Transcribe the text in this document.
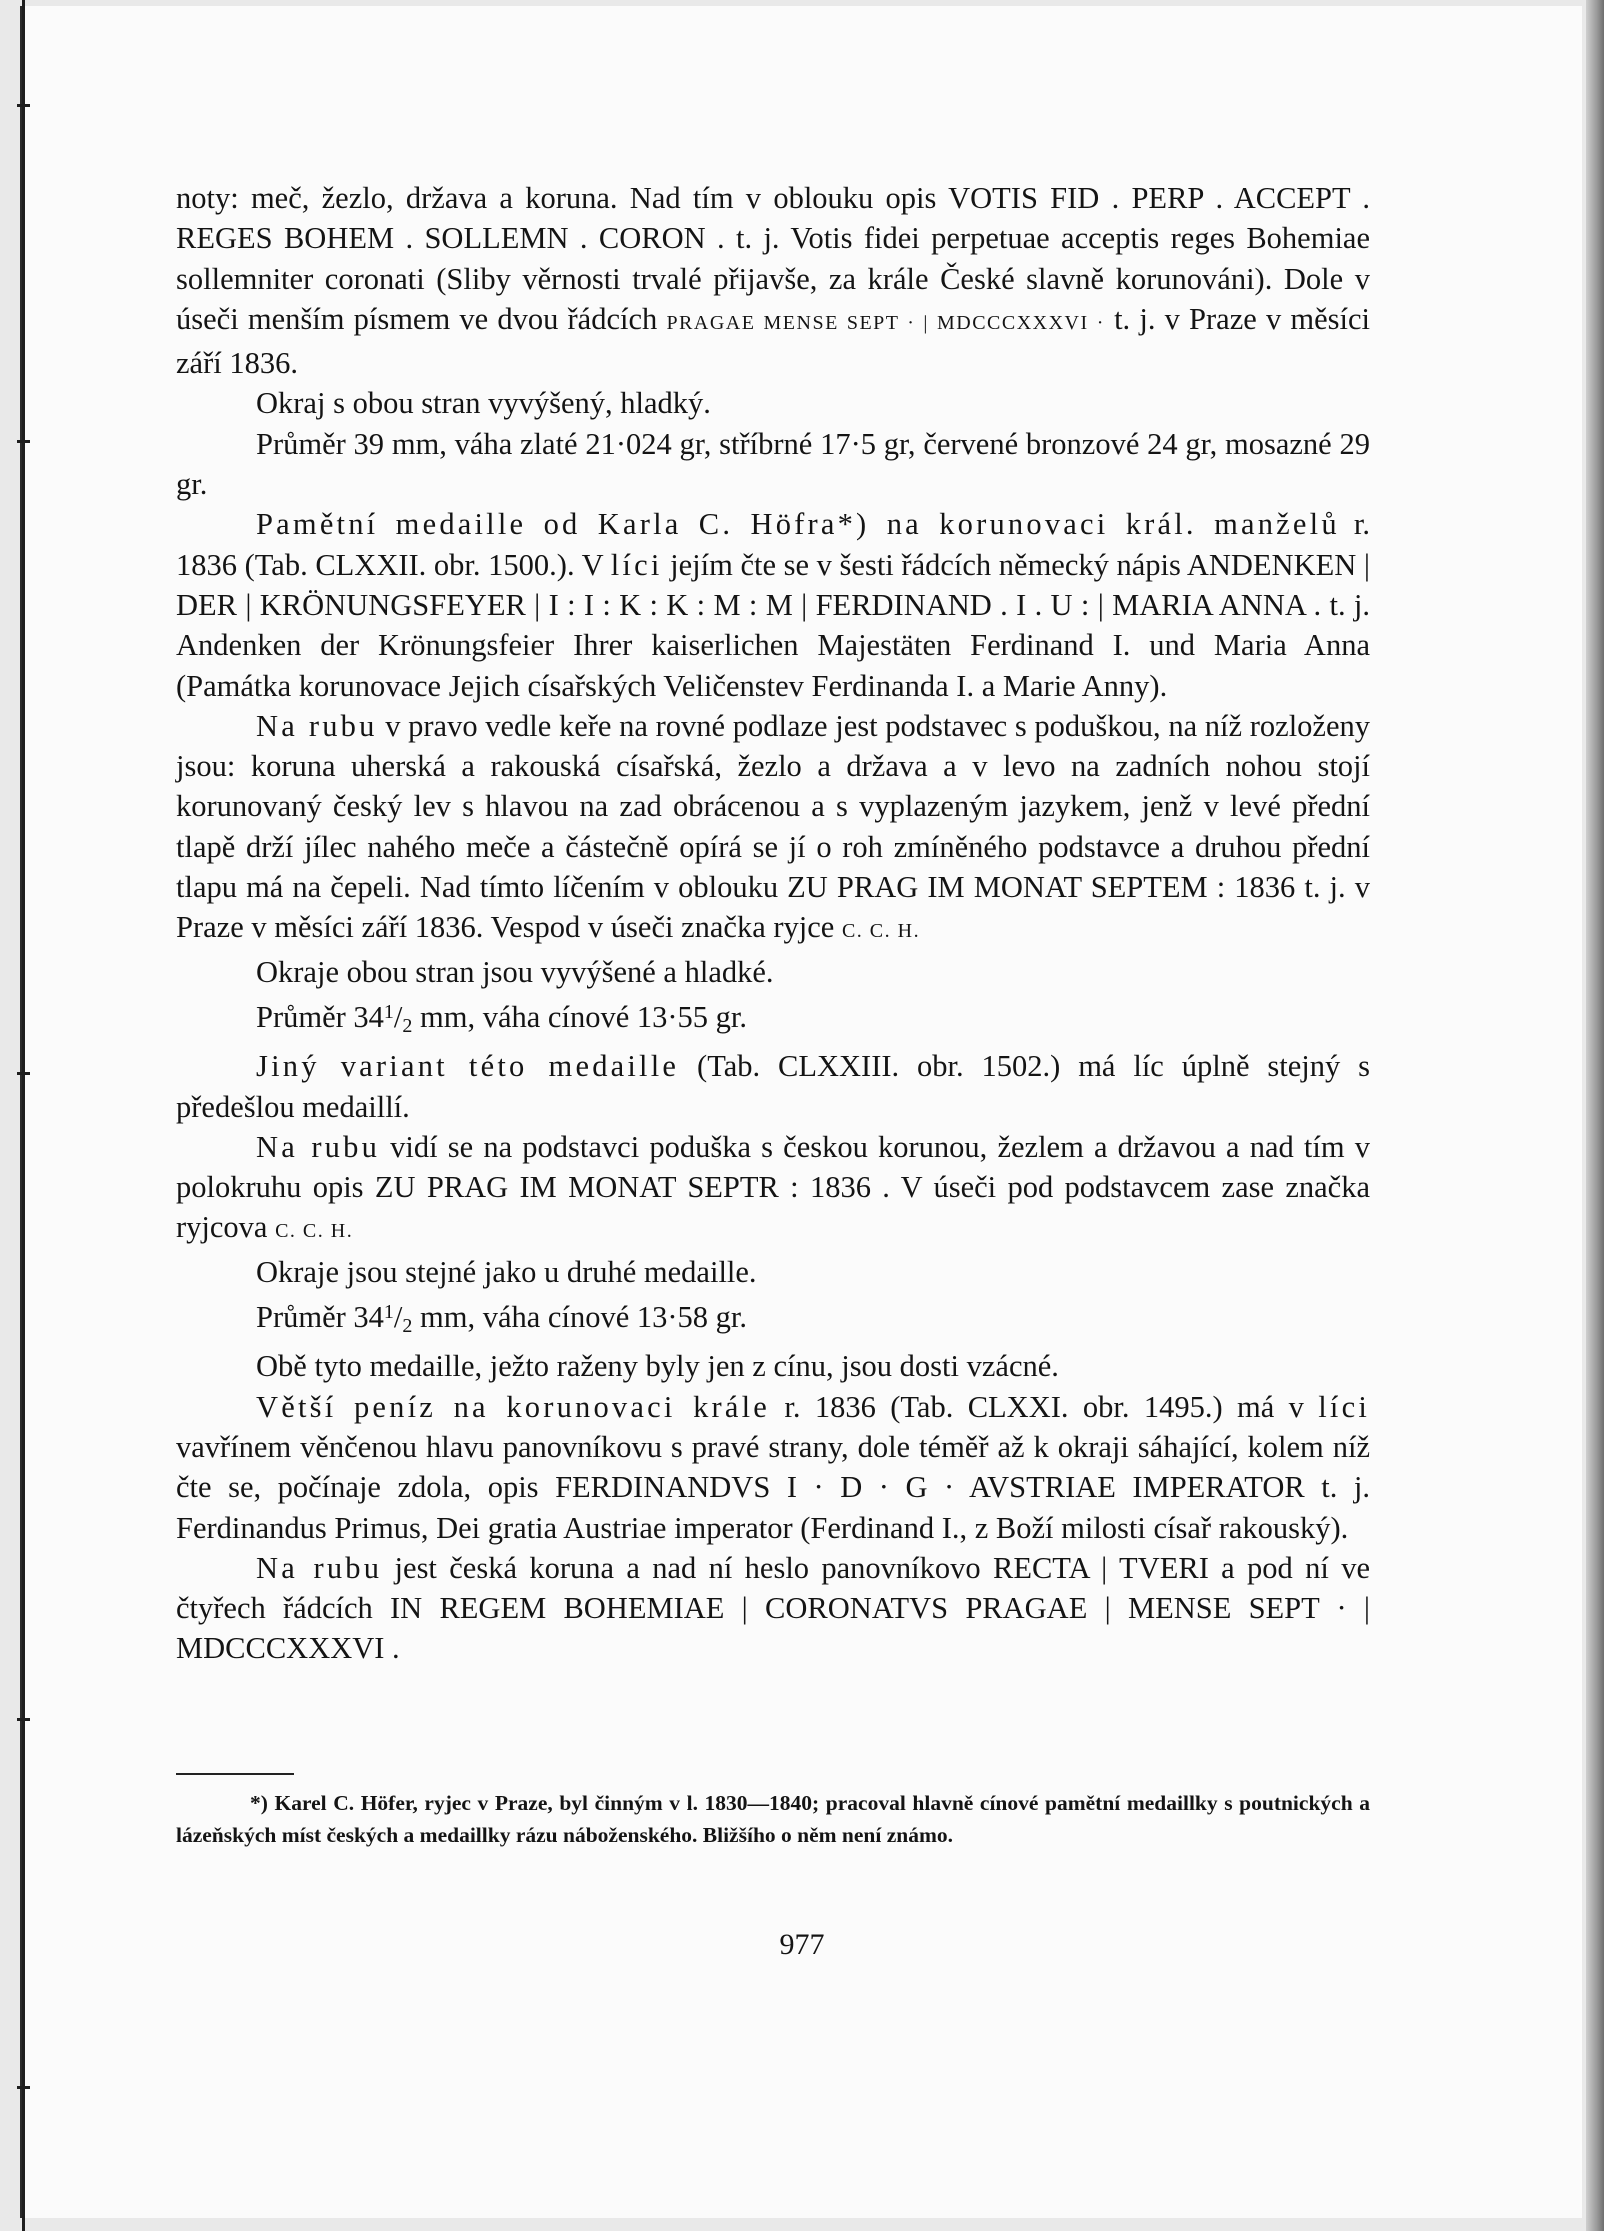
noty: meč, žezlo, država a koruna. Nad tím v oblouku opis VOTIS FID . PERP . ACCEPT . REGES BOHEM . SOLLEMN . CORON . t. j. Votis fidei perpetuae acceptis reges Bohemiae sollemniter coronati (Sliby věrnosti trvalé přijavše, za krále České slavně korunováni). Dole v úseči menším písmem ve dvou řádcích PRAGAE MENSE SEPT · | MDCCCXXXVI · t. j. v Praze v měsíci září 1836.

Okraj s obou stran vyvýšený, hladký.

Průměr 39 mm, váha zlaté 21·024 gr, stříbrné 17·5 gr, červené bronzové 24 gr, mosazné 29 gr.

Pamětní medaille od Karla C. Höfra*) na korunovaci král. manželů r. 1836 (Tab. CLXXII. obr. 1500.). V líci jejím čte se v šesti řádcích německý nápis ANDENKEN | DER | KRÖNUNGSFEYER | I : I : K : K : M : M | FERDINAND . I . U : | MARIA ANNA . t. j. Andenken der Krönungsfeier Ihrer kaiserlichen Majestäten Ferdinand I. und Maria Anna (Památka korunovace Jejich císařských Veličenstev Ferdinanda I. a Marie Anny).

Na rubu v pravo vedle keře na rovné podlaze jest podstavec s poduškou, na níž rozloženy jsou: koruna uherská a rakouská císařská, žezlo a država a v levo na zadních nohou stojí korunovaný český lev s hlavou na zad obrácenou a s vyplazeným jazykem, jenž v levé přední tlapě drží jílec nahého meče a částečně opírá se jí o roh zmíněného podstavce a druhou přední tlapu má na čepeli. Nad tímto líčením v oblouku ZU PRAG IM MONAT SEPTEM : 1836 t. j. v Praze v měsíci září 1836. Vespod v úseči značka ryjce C. C. H.

Okraje obou stran jsou vyvýšené a hladké.

Průměr $34^1/2$ mm, váha cínové 13·55 gr.

Jiný variant této medaille (Tab. CLXXIII. obr. 1502.) má líc úplně stejný s předešlou medaillí.

Na rubu vidí se na podstavci poduška s českou korunou, žezlem a državou a nad tím v polokruhu opis ZU PRAG IM MONAT SEPTR : 1836 . V úseči pod podstavcem zase značka ryjcova C. C. H.

Okraje jsou stejné jako u druhé medaille.

Průměr $34^1/2$ mm, váha cínové 13·58 gr.

Obě tyto medaille, ježto raženy byly jen z cínu, jsou dosti vzácné.

Větší peníz na korunovaci krále r. 1836 (Tab. CLXXI. obr. 1495.) má v líci vavřínem věnčenou hlavu panovníkovu s pravé strany, dole téměř až k okraji sáhající, kolem níž čte se, počínaje zdola, opis FERDINANDVS I · D · G · AVSTRIAE IMPERATOR t. j. Ferdinandus Primus, Dei gratia Austriae imperator (Ferdinand I., z Boží milosti císař rakouský).

Na rubu jest česká koruna a nad ní heslo panovníkovo RECTA | TVERI a pod ní ve čtyřech řádcích IN REGEM BOHEMIAE | CORONATVS PRAGAE | MENSE SEPT · | MDCCCXXXVI .

*) Karel C. Höfer, ryjec v Praze, byl činným v l. 1830—1840; pracoval hlavně cínové pamětní medaillky s poutnických a lázeňských míst českých a medaillky rázu náboženského. Bližšího o něm není známo.

977
